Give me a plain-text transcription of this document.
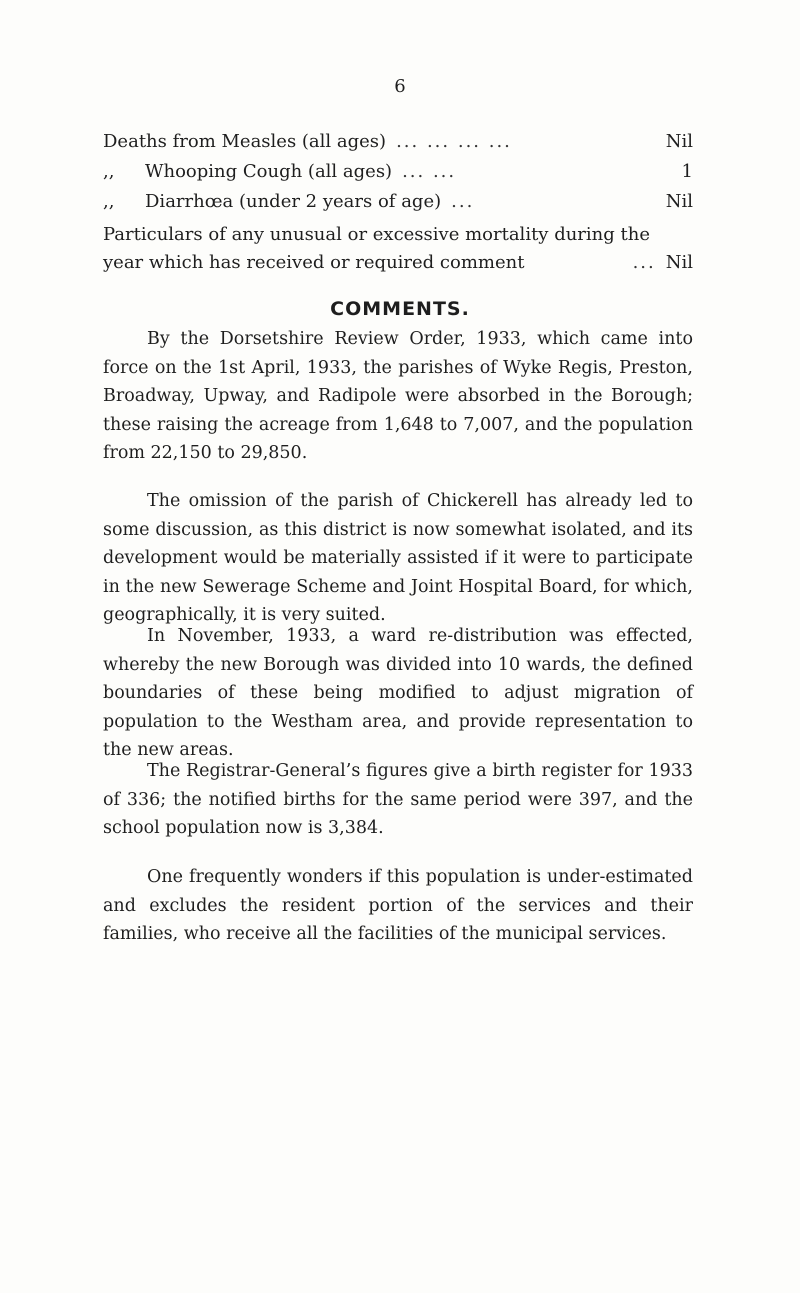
6
Deaths from Measles (all ages) ... ... ... ...	Nil
,,	Whooping Cough (all ages) ... ...	1
,,	Diarrhœa (under 2 years of age) ...	Nil
Particulars of any unusual or excessive mortality during the
year which has received or required comment	... Nil
COMMENTS.

By the Dorsetshire Review Order, 1933, which came into force on the 1st April, 1933, the parishes of Wyke Regis, Preston, Broadway, Upway, and Radipole were absorbed in the Borough; these raising the acreage from 1,648 to 7,007, and the population from 22,150 to 29,850.

The omission of the parish of Chickerell has already led to some discussion, as this district is now somewhat isolated, and its development would be materially assisted if it were to participate in the new Sewerage Scheme and Joint Hospital Board, for which, geographically, it is very suited.

In November, 1933, a ward re-distribution was effected, whereby the new Borough was divided into 10 wards, the defined boundaries of these being modified to adjust migration of population to the Westham area, and provide representation to the new areas.

The Registrar-General’s figures give a birth register for 1933 of 336; the notified births for the same period were 397, and the school population now is 3,384.

One frequently wonders if this population is under-estimated and excludes the resident portion of the services and their families, who receive all the facilities of the municipal services.
